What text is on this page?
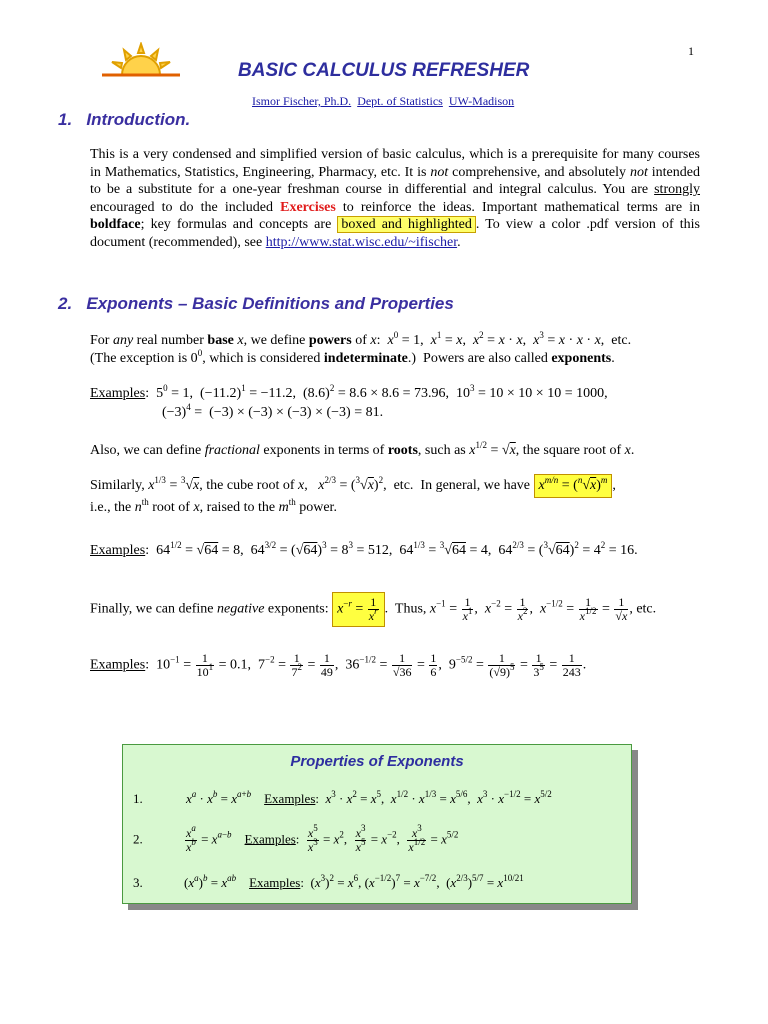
1
BASIC CALCULUS REFRESHER
Ismor Fischer, Ph.D. Dept. of Statistics UW-Madison
1. Introduction.
This is a very condensed and simplified version of basic calculus, which is a prerequisite for many courses in Mathematics, Statistics, Engineering, Pharmacy, etc. It is not comprehensive, and absolutely not intended to be a substitute for a one-year freshman course in differential and integral calculus. You are strongly encouraged to do the included Exercises to reinforce the ideas. Important mathematical terms are in boldface; key formulas and concepts are boxed and highlighted . To view a color .pdf version of this document (recommended), see http://www.stat.wisc.edu/~ifischer.
2. Exponents – Basic Definitions and Properties
For any real number base x, we define powers of x:  $x^0 = 1$,  $x^1 = x$,  $x^2 = x \cdot x$,  $x^3 = x \cdot x \cdot x$,  etc.
(The exception is $0^0$, which is considered indeterminate.)  Powers are also called exponents.
Examples:  $5^0 = 1$,  $(-11.2)^1 = -11.2$,  $(8.6)^2 = 8.6 \times 8.6 = 73.96$,  $10^3 = 10 \times 10 \times 10 = 1000$,
$(-3)^4 = (-3) \times (-3) \times (-3) \times (-3) = 81$.
Also, we can define fractional exponents in terms of roots, such as $x^{1/2} = √x$, the square root of x.
Similarly, $x^{1/3} = ^3√x$, the cube root of x,   $x^{2/3} = (^3√x)^2$,  etc.  In general, we have $x^{m/n} = (^n√x)^m$ ,
i.e., the $n^{th}$ root of x, raised to the $m^{th}$ power.
Examples:  $64^{1/2} = √64 = 8$,  $64^{3/2} = (√64)^3 = 8^3 = 512$,  $64^{1/3} = ^3√64 = 4$,  $64^{2/3} = (^3√64)^2 = 4^2 = 16$.
Finally, we can define negative exponents: $x^{-r} = \frac{1}{x^r}$ .  Thus, $x^{-1} = \frac{1}{x^1}$ ,  $x^{-2} = \frac{1}{x^2}$ ,  $x^{-1/2} = \frac{1}{x^{1/2}} = \frac{1}{√x}$ , etc.
Examples:  $10^{-1} = \frac{1}{10^1} = 0.1$,  $7^{-2} = \frac{1}{7^2} = \frac{1}{49}$ ,  $36^{-1/2} = \frac{1}{√36} = \frac{1}{6}$ ,  $9^{-5/2} = \frac{1}{(√9)^5} = \frac{1}{3^5} = \frac{1}{243}$ .
Properties of Exponents
1.	$x^a \cdot x^b = x^{a+b}$ Examples:  $x^3 \cdot x^2 = x^5$,  $x^{1/2} \cdot x^{1/3} = x^{5/6}$,  $x^3 \cdot x^{-1/2} = x^{5/2}$
2.	$\frac{x^a}{x^b} = x^{a-b}$ Examples: $\frac{x^5}{x^3} = x^2$, $\frac{x^3}{x^5} = x^{-2}$, $\frac{x^3}{x^{1/2}} = x^{5/2}$
3.	$(x^a)^b = x^{ab}$ Examples:  $(x^3)^2 = x^6$, $(x^{-1/2})^7 = x^{-7/2}$,  $(x^{2/3})^{5/7} = x^{10/21}$
